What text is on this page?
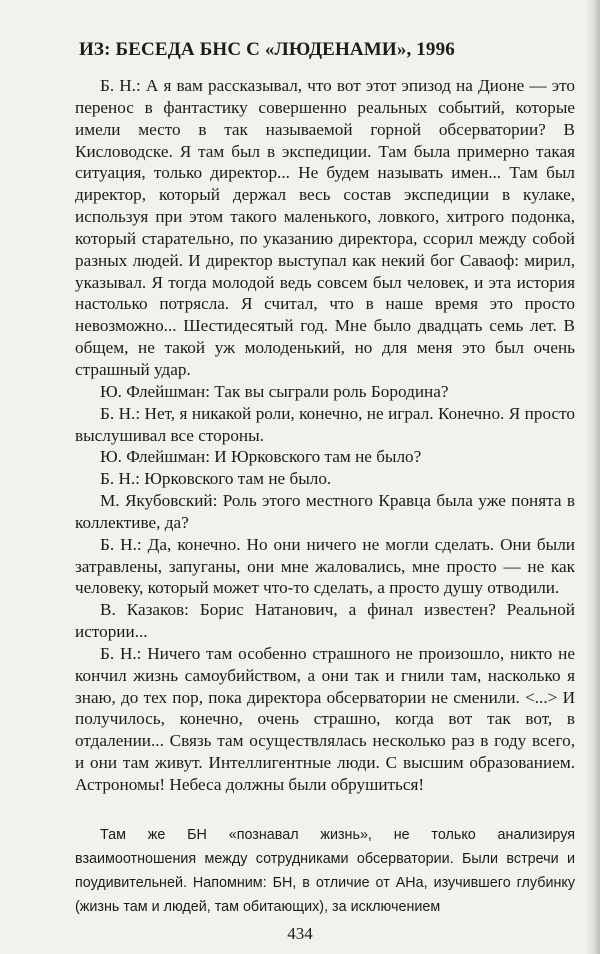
ИЗ: БЕСЕДА БНС С «ЛЮДЕНАМИ», 1996

Б. Н.: А я вам рассказывал, что вот этот эпизод на Дионе — это перенос в фантастику совершенно реальных событий, которые имели место в так называемой горной обсерватории? В Кисловодске. Я там был в экспедиции. Там была примерно такая ситуация, только директор... Не будем называть имен... Там был директор, который держал весь состав экспедиции в кулаке, используя при этом такого маленького, ловкого, хитрого подонка, который старательно, по указанию директора, ссорил между собой разных людей. И директор выступал как некий бог Саваоф: мирил, указывал. Я тогда молодой ведь совсем был человек, и эта история настолько потрясла. Я считал, что в наше время это просто невозможно... Шестидесятый год. Мне было двадцать семь лет. В общем, не такой уж молоденький, но для меня это был очень страшный удар.

Ю. Флейшман: Так вы сыграли роль Бородина?

Б. Н.: Нет, я никакой роли, конечно, не играл. Конечно. Я просто выслушивал все стороны.

Ю. Флейшман: И Юрковского там не было?

Б. Н.: Юрковского там не было.

М. Якубовский: Роль этого местного Кравца была уже понята в коллективе, да?

Б. Н.: Да, конечно. Но они ничего не могли сделать. Они были затравлены, запуганы, они мне жаловались, мне просто — не как человеку, который может что-то сделать, а просто душу отводили.

В. Казаков: Борис Натанович, а финал известен? Реальной истории...

Б. Н.: Ничего там особенно страшного не произошло, никто не кончил жизнь самоубийством, а они так и гнили там, насколько я знаю, до тех пор, пока директора обсерватории не сменили. <...> И получилось, конечно, очень страшно, когда вот так вот, в отдалении... Связь там осуществлялась несколько раз в году всего, и они там живут. Интеллигентные люди. С высшим образованием. Астрономы! Небеса должны были обрушиться!

Там же БН «познавал жизнь», не только анализируя взаимоотношения между сотрудниками обсерватории. Были встречи и поудивительней. Напомним: БН, в отличие от АНа, изучившего глубинку (жизнь там и людей, там обитающих), за исключением
434
